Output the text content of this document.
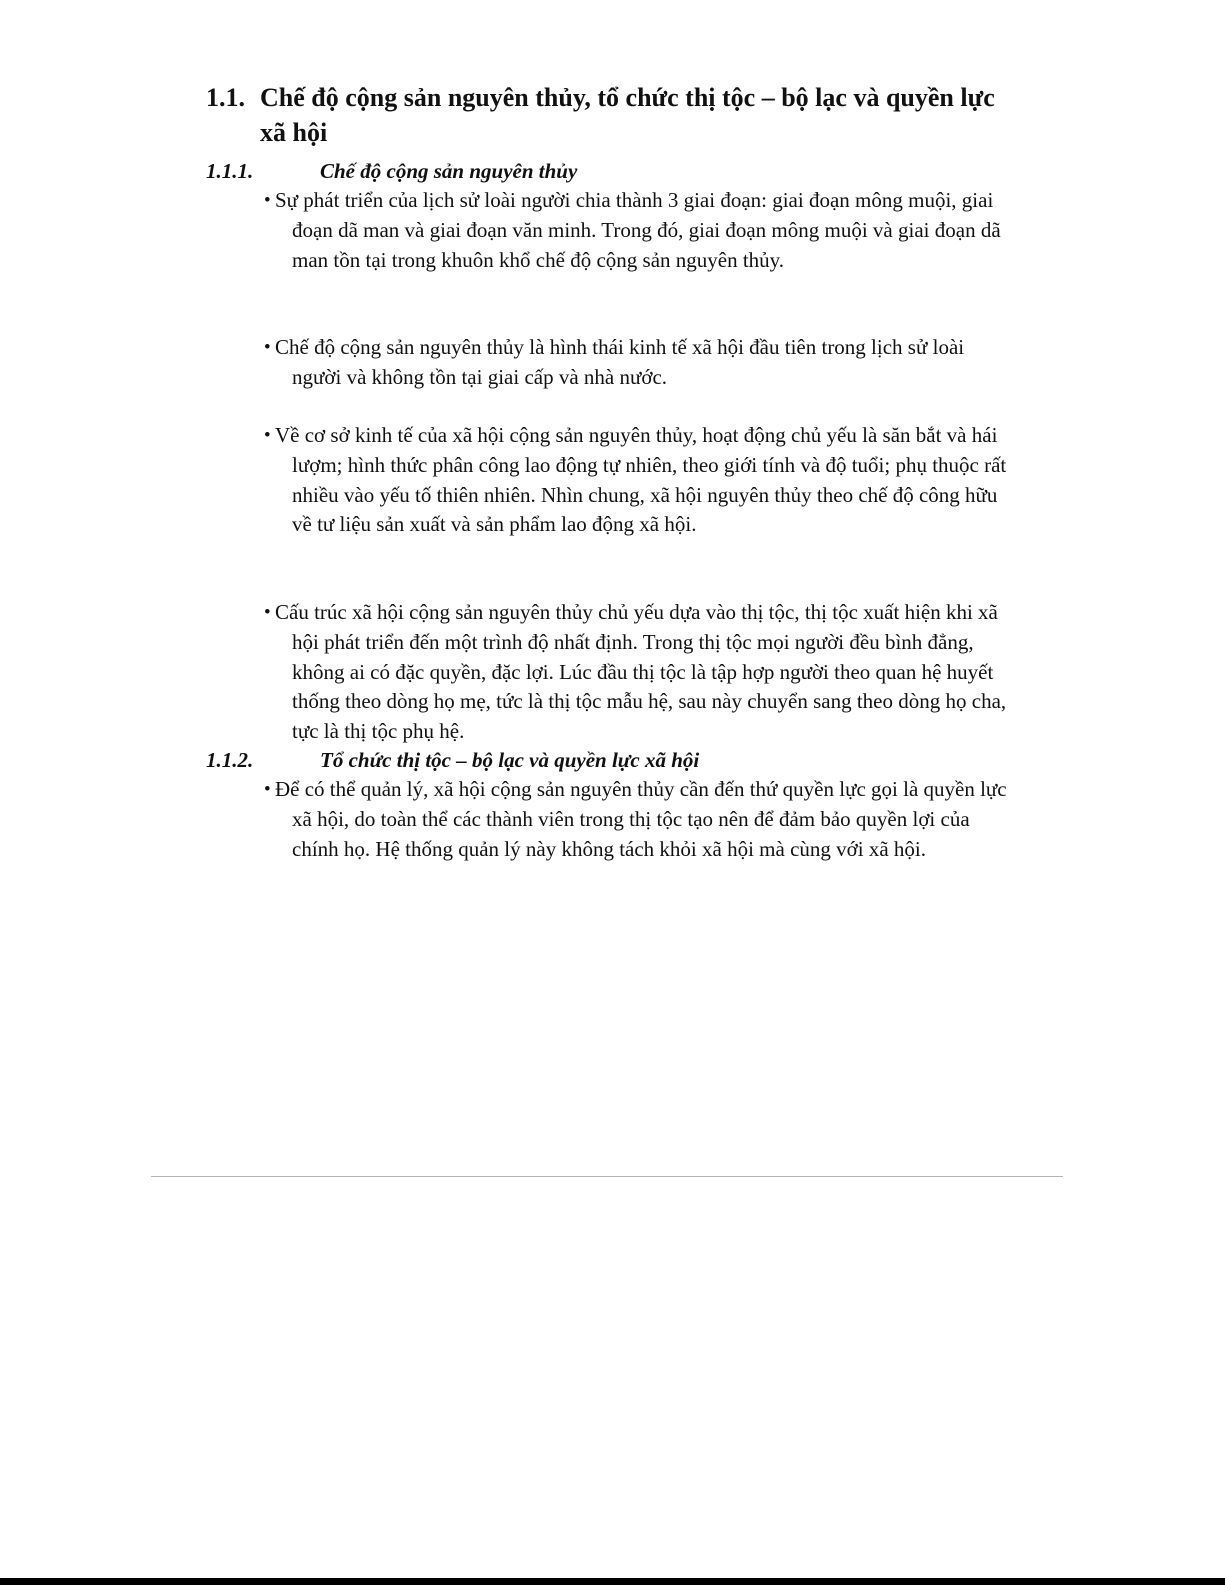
1.1. Chế độ cộng sản nguyên thủy, tổ chức thị tộc – bộ lạc và quyền lực xã hội
1.1.1.	Chế độ cộng sản nguyên thủy
• Sự phát triển của lịch sử loài người chia thành 3 giai đoạn: giai đoạn mông muội, giai đoạn dã man và giai đoạn văn minh. Trong đó, giai đoạn mông muội và giai đoạn dã man tồn tại trong khuôn khổ chế độ cộng sản nguyên thủy.
• Chế độ cộng sản nguyên thủy là hình thái kinh tế xã hội đầu tiên trong lịch sử loài người và không tồn tại giai cấp và nhà nước.
• Về cơ sở kinh tế của xã hội cộng sản nguyên thủy, hoạt động chủ yếu là săn bắt và hái lượm; hình thức phân công lao động tự nhiên, theo giới tính và độ tuổi; phụ thuộc rất nhiều vào yếu tố thiên nhiên. Nhìn chung, xã hội nguyên thủy theo chế độ công hữu về tư liệu sản xuất và sản phẩm lao động xã hội.
• Cấu trúc xã hội cộng sản nguyên thủy chủ yếu dựa vào thị tộc, thị tộc xuất hiện khi xã hội phát triển đến một trình độ nhất định. Trong thị tộc mọi người đều bình đẳng, không ai có đặc quyền, đặc lợi. Lúc đầu thị tộc là tập hợp người theo quan hệ huyết thống theo dòng họ mẹ, tức là thị tộc mẫu hệ, sau này chuyển sang theo dòng họ cha, tực là thị tộc phụ hệ.
1.1.2.	Tổ chức thị tộc – bộ lạc và quyền lực xã hội
• Để có thể quản lý, xã hội cộng sản nguyên thủy cần đến thứ quyền lực gọi là quyền lực xã hội, do toàn thể các thành viên trong thị tộc tạo nên để đảm bảo quyền lợi của chính họ. Hệ thống quản lý này không tách khỏi xã hội mà cùng với xã hội.
